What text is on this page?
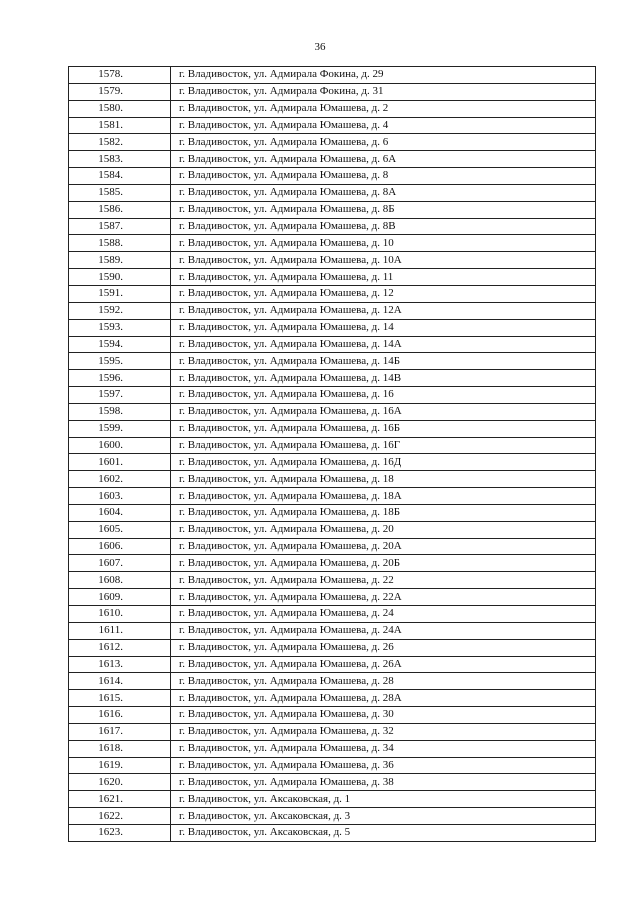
36
1578.	г. Владивосток, ул. Адмирала Фокина, д. 29
1579.	г. Владивосток, ул. Адмирала Фокина, д. 31
1580.	г. Владивосток, ул. Адмирала Юмашева, д. 2
1581.	г. Владивосток, ул. Адмирала Юмашева, д. 4
1582.	г. Владивосток, ул. Адмирала Юмашева, д. 6
1583.	г. Владивосток, ул. Адмирала Юмашева, д. 6А
1584.	г. Владивосток, ул. Адмирала Юмашева, д. 8
1585.	г. Владивосток, ул. Адмирала Юмашева, д. 8А
1586.	г. Владивосток, ул. Адмирала Юмашева, д. 8Б
1587.	г. Владивосток, ул. Адмирала Юмашева, д. 8В
1588.	г. Владивосток, ул. Адмирала Юмашева, д. 10
1589.	г. Владивосток, ул. Адмирала Юмашева, д. 10А
1590.	г. Владивосток, ул. Адмирала Юмашева, д. 11
1591.	г. Владивосток, ул. Адмирала Юмашева, д. 12
1592.	г. Владивосток, ул. Адмирала Юмашева, д. 12А
1593.	г. Владивосток, ул. Адмирала Юмашева, д. 14
1594.	г. Владивосток, ул. Адмирала Юмашева, д. 14А
1595.	г. Владивосток, ул. Адмирала Юмашева, д. 14Б
1596.	г. Владивосток, ул. Адмирала Юмашева, д. 14В
1597.	г. Владивосток, ул. Адмирала Юмашева, д. 16
1598.	г. Владивосток, ул. Адмирала Юмашева, д. 16А
1599.	г. Владивосток, ул. Адмирала Юмашева, д. 16Б
1600.	г. Владивосток, ул. Адмирала Юмашева, д. 16Г
1601.	г. Владивосток, ул. Адмирала Юмашева, д. 16Д
1602.	г. Владивосток, ул. Адмирала Юмашева, д. 18
1603.	г. Владивосток, ул. Адмирала Юмашева, д. 18А
1604.	г. Владивосток, ул. Адмирала Юмашева, д. 18Б
1605.	г. Владивосток, ул. Адмирала Юмашева, д. 20
1606.	г. Владивосток, ул. Адмирала Юмашева, д. 20А
1607.	г. Владивосток, ул. Адмирала Юмашева, д. 20Б
1608.	г. Владивосток, ул. Адмирала Юмашева, д. 22
1609.	г. Владивосток, ул. Адмирала Юмашева, д. 22А
1610.	г. Владивосток, ул. Адмирала Юмашева, д. 24
1611.	г. Владивосток, ул. Адмирала Юмашева, д. 24А
1612.	г. Владивосток, ул. Адмирала Юмашева, д. 26
1613.	г. Владивосток, ул. Адмирала Юмашева, д. 26А
1614.	г. Владивосток, ул. Адмирала Юмашева, д. 28
1615.	г. Владивосток, ул. Адмирала Юмашева, д. 28А
1616.	г. Владивосток, ул. Адмирала Юмашева, д. 30
1617.	г. Владивосток, ул. Адмирала Юмашева, д. 32
1618.	г. Владивосток, ул. Адмирала Юмашева, д. 34
1619.	г. Владивосток, ул. Адмирала Юмашева, д. 36
1620.	г. Владивосток, ул. Адмирала Юмашева, д. 38
1621.	г. Владивосток, ул. Аксаковская, д. 1
1622.	г. Владивосток, ул. Аксаковская, д. 3
1623.	г. Владивосток, ул. Аксаковская, д. 5
